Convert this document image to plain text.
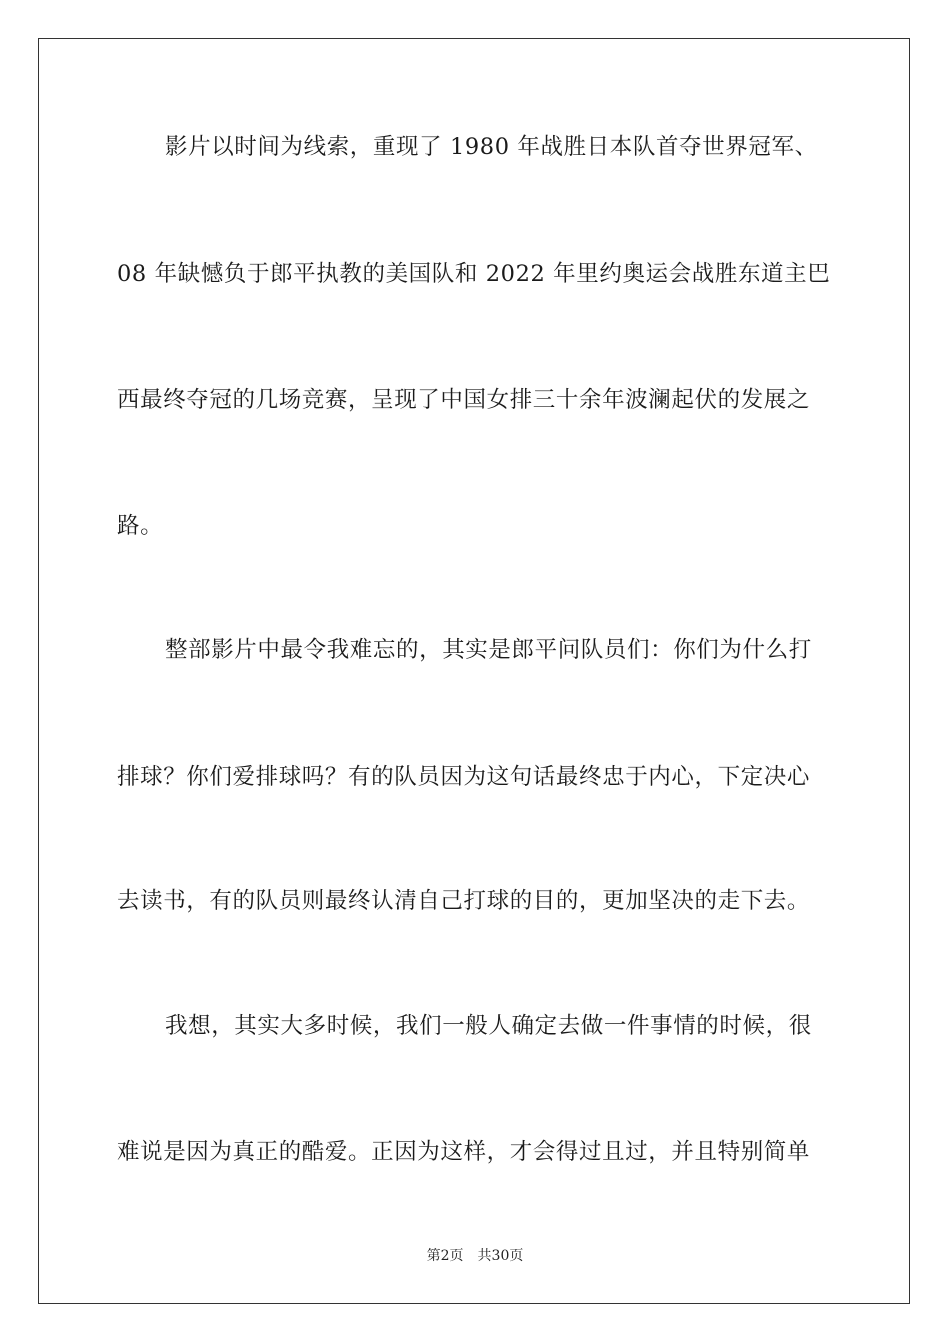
影片以时间为线索，重现了 1980 年战胜日本队首夺世界冠军、
08 年缺憾负于郎平执教的美国队和 2022 年里约奥运会战胜东道主巴
西最终夺冠的几场竞赛，呈现了中国女排三十余年波澜起伏的发展之
路。
整部影片中最令我难忘的，其实是郎平问队员们：你们为什么打
排球？你们爱排球吗？有的队员因为这句话最终忠于内心，下定决心
去读书，有的队员则最终认清自己打球的目的，更加坚决的走下去。
我想，其实大多时候，我们一般人确定去做一件事情的时候，很
难说是因为真正的酷爱。正因为这样，才会得过且过，并且特别简单
第2页 共30页
